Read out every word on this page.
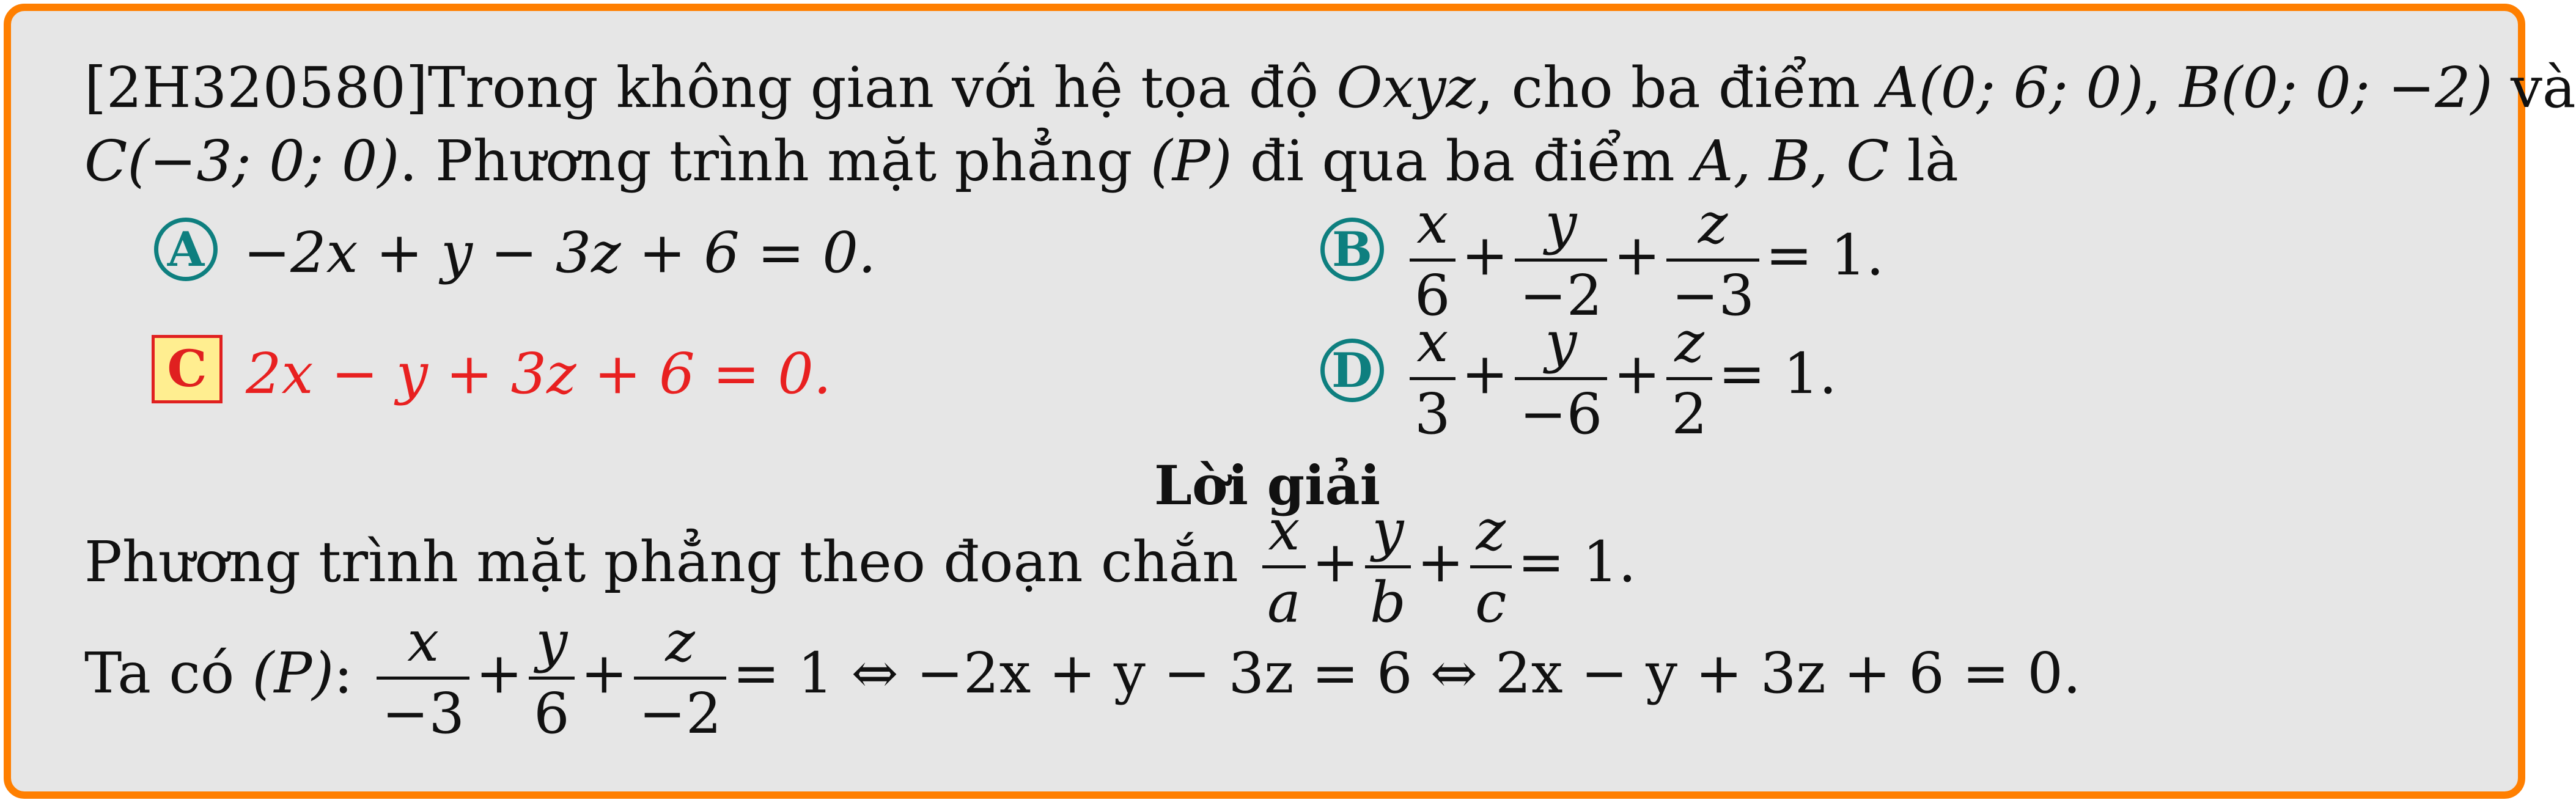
[2H320580]Trong không gian với hệ tọa độ Oxyz, cho ba điểm A(0; 6; 0), B(0; 0; −2) và
C(−3; 0; 0). Phương trình mặt phẳng (P) đi qua ba điểm A, B, C là
A −2x + y − 3z + 6 = 0.	B x
6
+ y
−2
+ z
−3
= 1.
C 2x − y + 3z + 6 = 0.	D x
3
+ y
−6
+ z
2
= 1.
Lời giải
Phương trình mặt phẳng theo đoạn chắn x
a
+ y
b
+ z
c
= 1.
Ta có (P): x
−3
+ y
6
+ z
−2
= 1 ⇔ −2x + y − 3z = 6 ⇔ 2x − y + 3z + 6 = 0.
